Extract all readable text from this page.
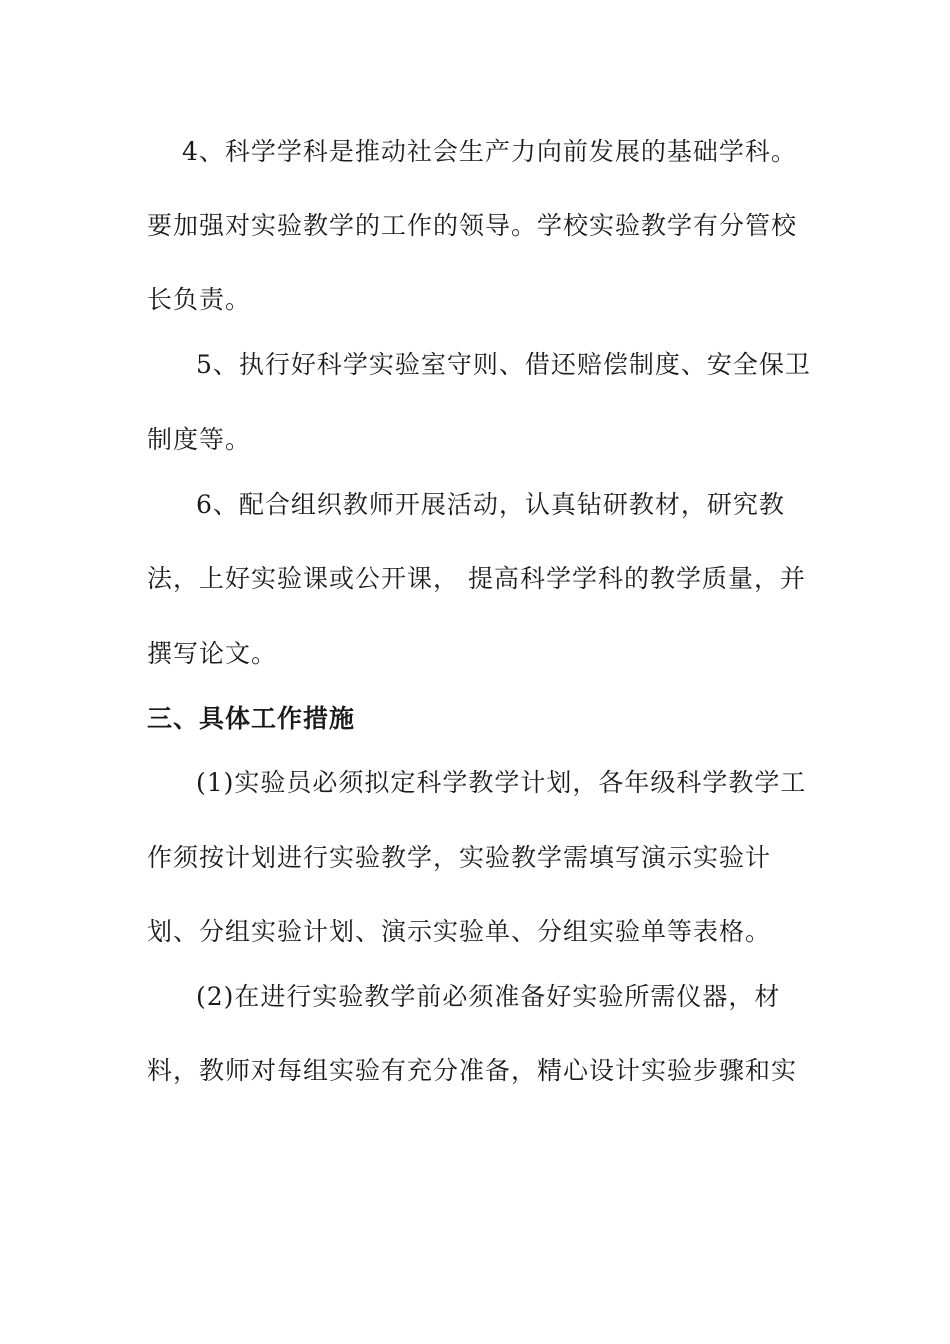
4、科学学科是推动社会生产力向前发展的基础学科。
要加强对实验教学的工作的领导。学校实验教学有分管校
长负责。
5、执行好科学实验室守则、借还赔偿制度、安全保卫
制度等。
6、配合组织教师开展活动，认真钻研教材，研究教
法，上好实验课或公开课， 提高科学学科的教学质量，并
撰写论文。
三、具体工作措施
(1)实验员必须拟定科学教学计划，各年级科学教学工
作须按计划进行实验教学，实验教学需填写演示实验计
划、分组实验计划、演示实验单、分组实验单等表格。
(2)在进行实验教学前必须准备好实验所需仪器，材
料，教师对每组实验有充分准备，精心设计实验步骤和实
